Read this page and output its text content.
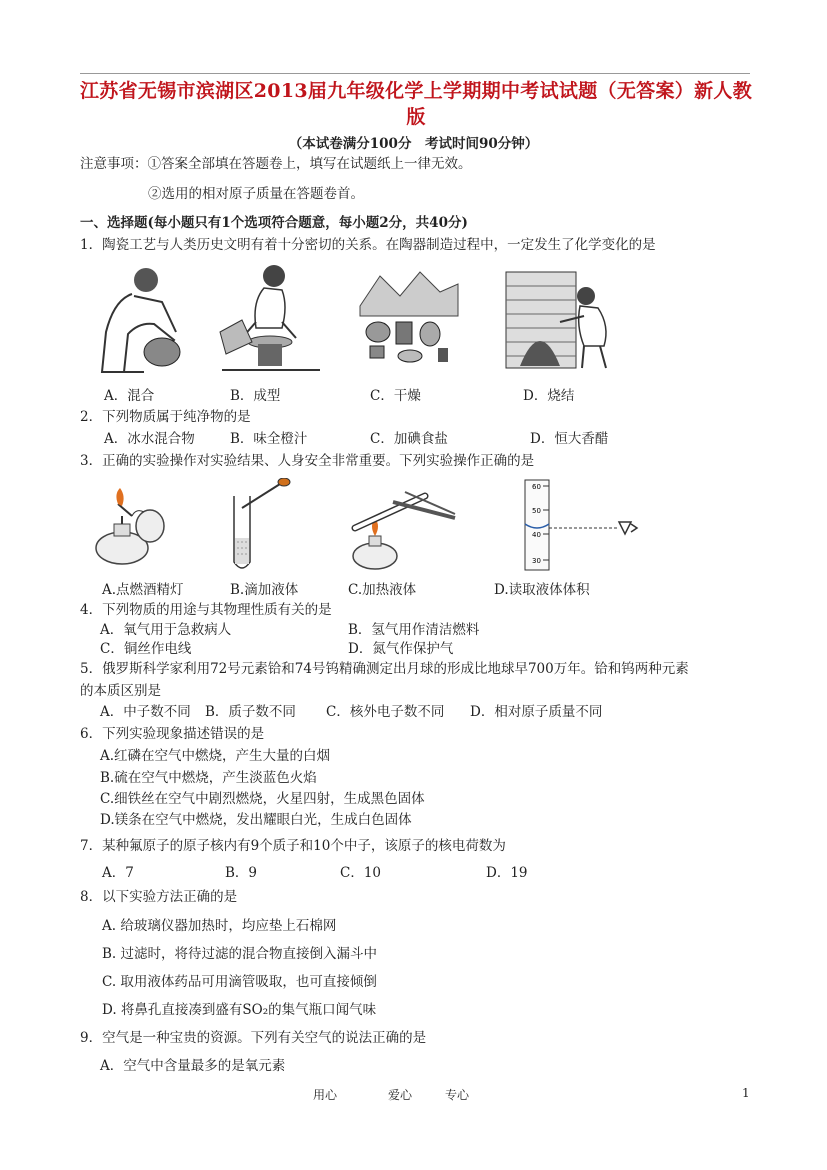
江苏省无锡市滨湖区2013届九年级化学上学期期中考试试题（无答案）新人教
版
（本试卷满分100分　考试时间90分钟）
注意事项：①答案全部填在答题卷上，填写在试题纸上一律无效。
②选用的相对原子质量在答题卷首。
一、选择题(每小题只有1个选项符合题意，每小题2分，共40分)
1．陶瓷工艺与人类历史文明有着十分密切的关系。在陶器制造过程中，一定发生了化学变化的是
A．混合	B．成型	C．干燥	D．烧结
2．下列物质属于纯净物的是
A．冰水混合物	B．味全橙汁	C．加碘食盐	D．恒大香醋
3．正确的实验操作对实验结果、人身安全非常重要。下列实验操作正确的是
60
50
40
30
A.点燃酒精灯	B.滴加液体	C.加热液体	D.读取液体体积
4．下列物质的用途与其物理性质有关的是
A．氧气用于急救病人	B．氢气用作清洁燃料
C．铜丝作电线	D．氮气作保护气
5．俄罗斯科学家利用72号元素铪和74号钨精确测定出月球的形成比地球早700万年。铪和钨两种元素
的本质区别是
A．中子数不同 B．质子数不同 C．核外电子数不同 D．相对原子质量不同
6．下列实验现象描述错误的是
A.红磷在空气中燃烧，产生大量的白烟
B.硫在空气中燃烧，产生淡蓝色火焰
C.细铁丝在空气中剧烈燃烧，火星四射，生成黑色固体
D.镁条在空气中燃烧，发出耀眼白光，生成白色固体
7．某种氟原子的原子核内有9个质子和10个中子，该原子的核电荷数为
A．7	B．9	C．10	D．19
8．以下实验方法正确的是
A. 给玻璃仪器加热时，均应垫上石棉网
B. 过滤时，将待过滤的混合物直接倒入漏斗中
C. 取用液体药品可用滴管吸取，也可直接倾倒
D. 将鼻孔直接凑到盛有SO₂的集气瓶口闻气味
9．空气是一种宝贵的资源。下列有关空气的说法正确的是
A．空气中含量最多的是氧元素
用心	爱心	专心	1
